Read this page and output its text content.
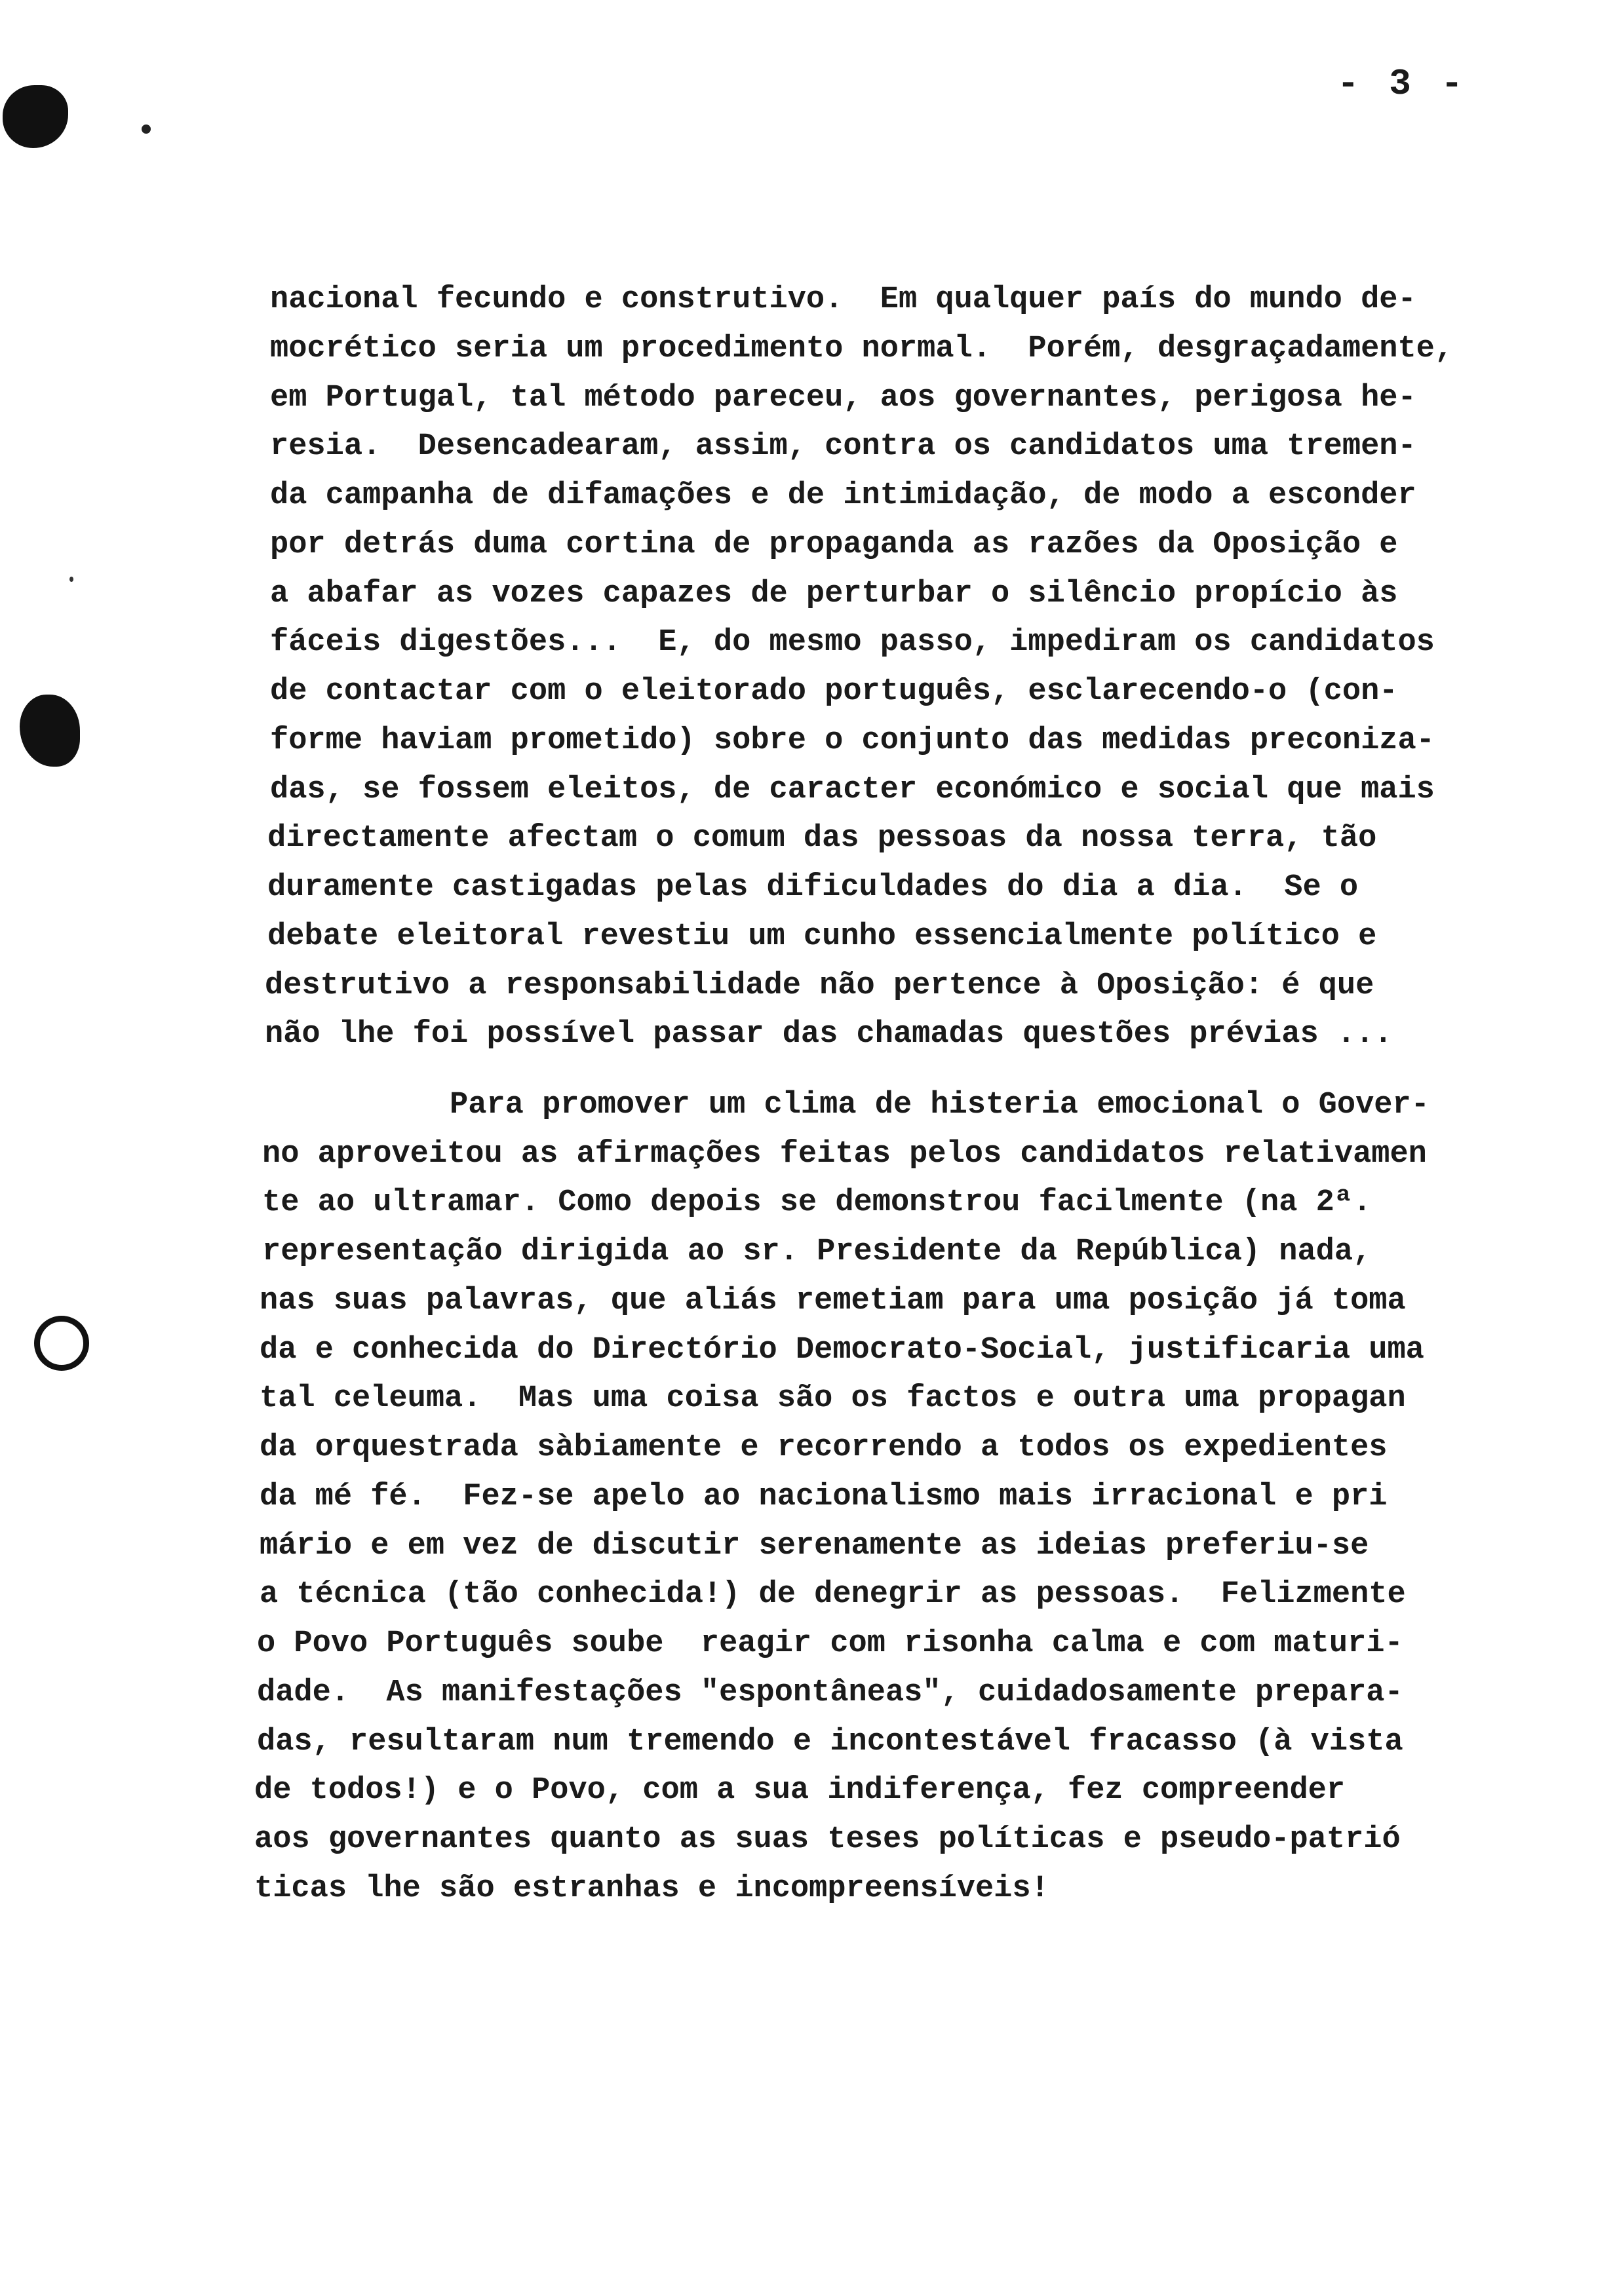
- 3 -
nacional fecundo e construtivo.  Em qualquer país do mundo de-
mocrético seria um procedimento normal.  Porém, desgraçadamente,
em Portugal, tal método pareceu, aos governantes, perigosa he-
resia.  Desencadearam, assim, contra os candidatos uma tremen-
da campanha de difamações e de intimidação, de modo a esconder
por detrás duma cortina de propaganda as razões da Oposição e
a abafar as vozes capazes de perturbar o silêncio propício às
fáceis digestões...  E, do mesmo passo, impediram os candidatos
de contactar com o eleitorado português, esclarecendo-o (con-
forme haviam prometido) sobre o conjunto das medidas preconiza-
das, se fossem eleitos, de caracter económico e social que mais
directamente afectam o comum das pessoas da nossa terra, tão
duramente castigadas pelas dificuldades do dia a dia.  Se o
debate eleitoral revestiu um cunho essencialmente político e
destrutivo a responsabilidade não pertence à Oposição: é que
não lhe foi possível passar das chamadas questões prévias ...
Para promover um clima de histeria emocional o Gover-
no aproveitou as afirmações feitas pelos candidatos relativamen
te ao ultramar. Como depois se demonstrou facilmente (na 2ª.
representação dirigida ao sr. Presidente da República) nada,
nas suas palavras, que aliás remetiam para uma posição já toma
da e conhecida do Directório Democrato-Social, justificaria uma
tal celeuma.  Mas uma coisa são os factos e outra uma propagan
da orquestrada sàbiamente e recorrendo a todos os expedientes
da mé fé.  Fez-se apelo ao nacionalismo mais irracional e pri
mário e em vez de discutir serenamente as ideias preferiu-se
a técnica (tão conhecida!) de denegrir as pessoas.  Felizmente
o Povo Português soube  reagir com risonha calma e com maturi-
dade.  As manifestações "espontâneas", cuidadosamente prepara-
das, resultaram num tremendo e incontestável fracasso (à vista
de todos!) e o Povo, com a sua indiferença, fez compreender
aos governantes quanto as suas teses políticas e pseudo-patrió
ticas lhe são estranhas e incompreensíveis!
